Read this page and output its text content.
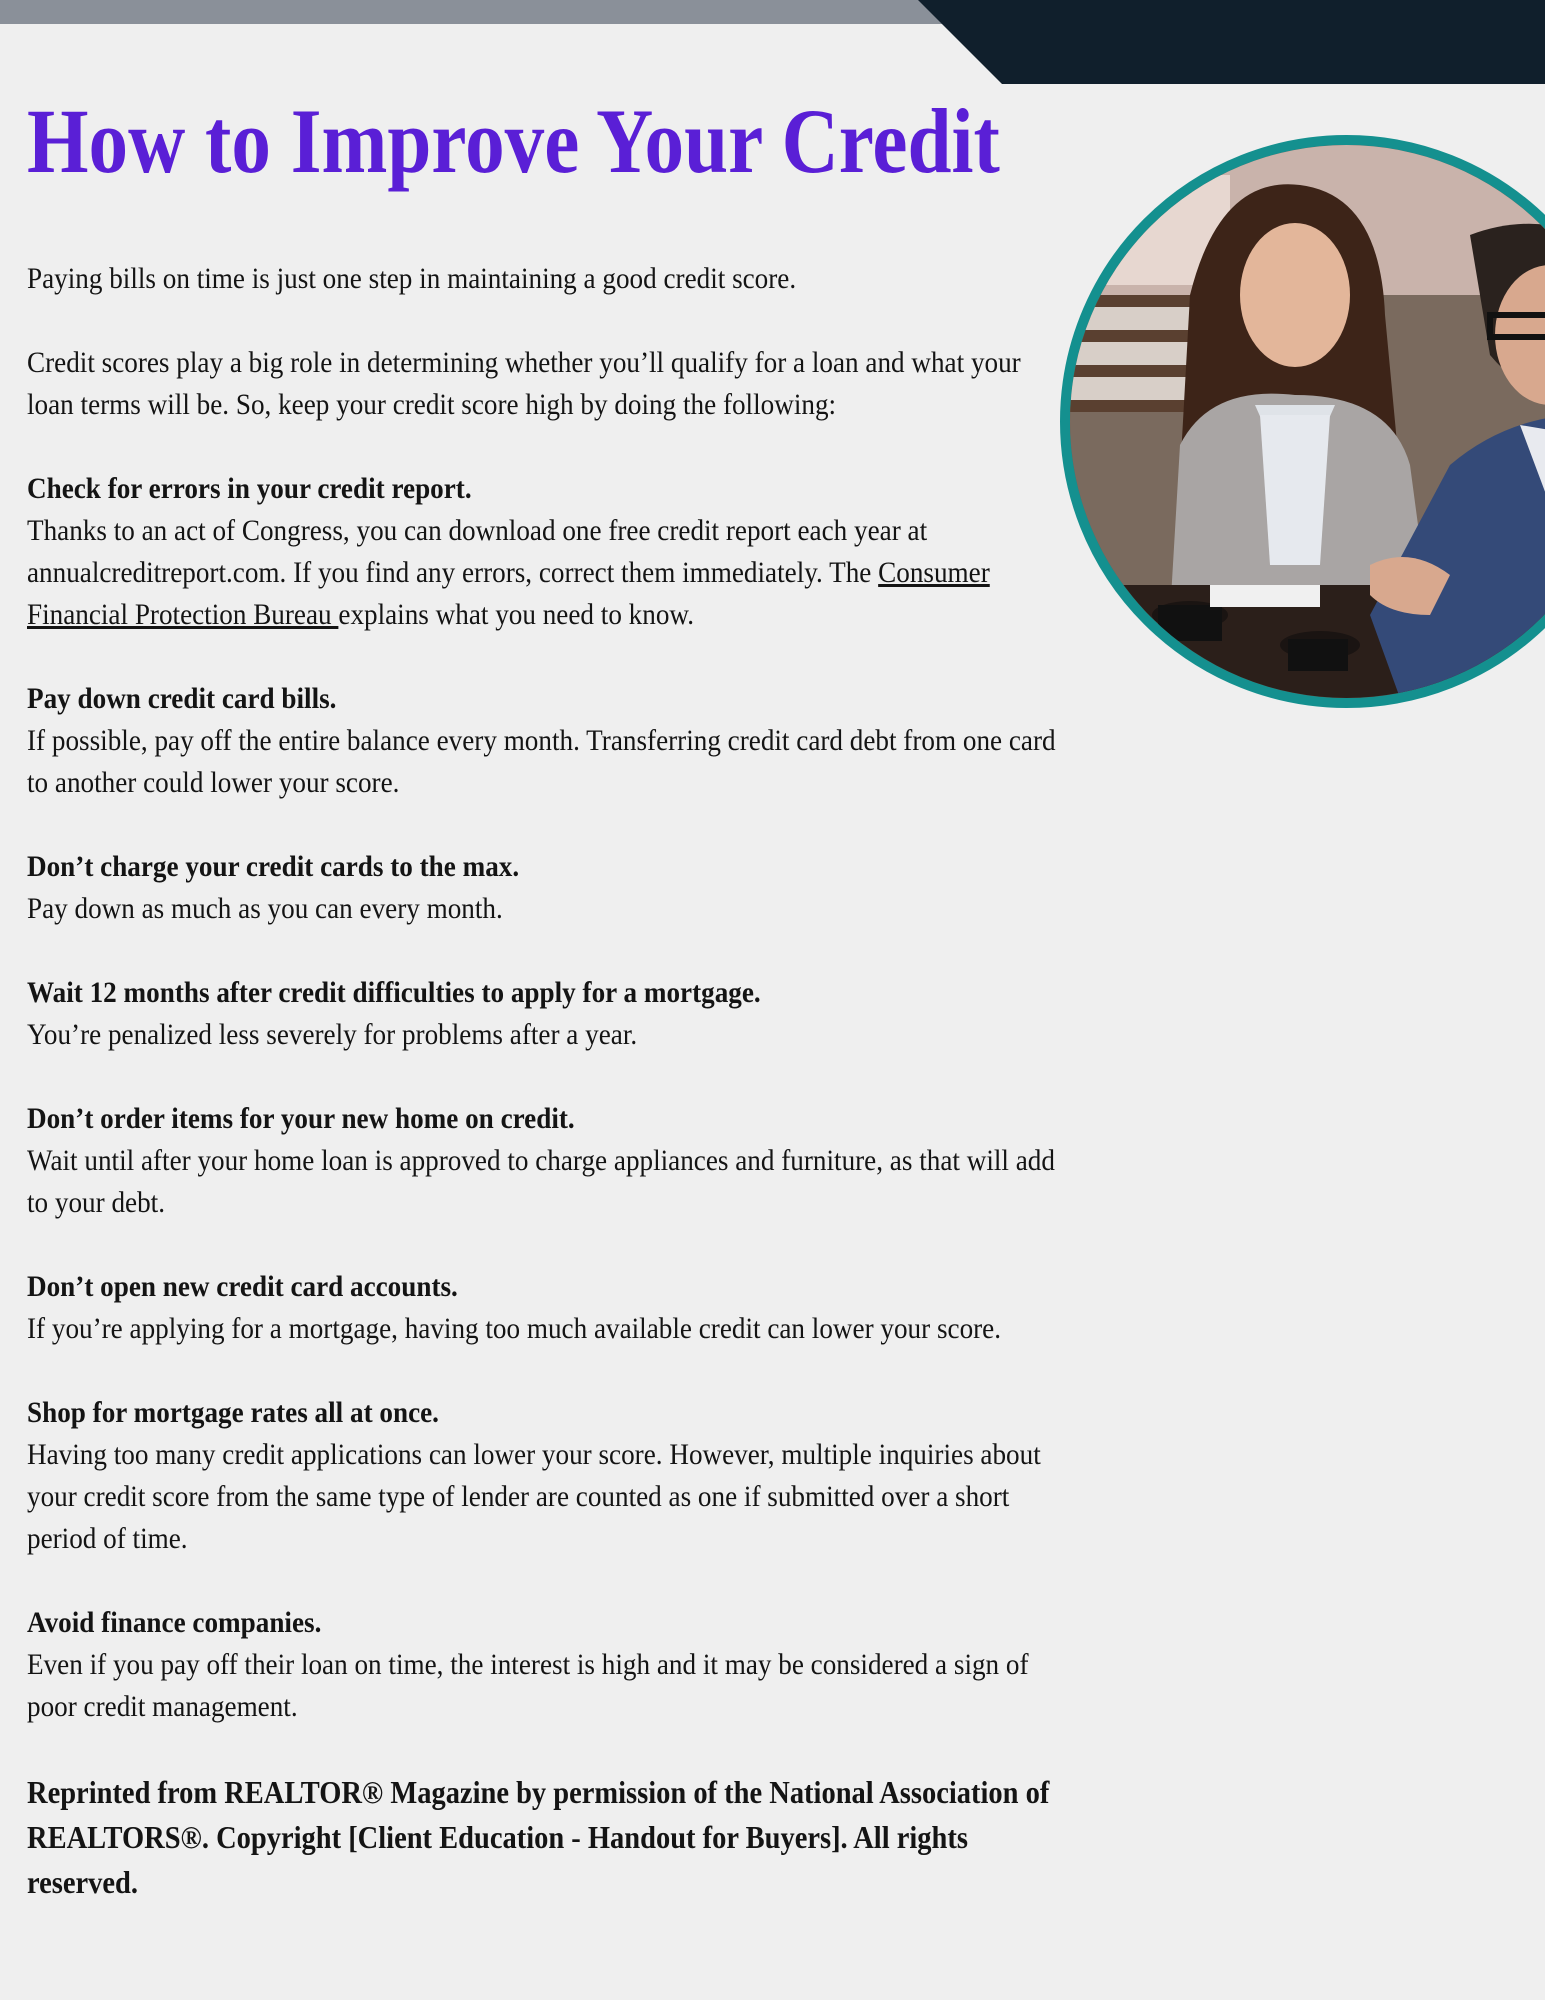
How to Improve Your Credit

Paying bills on time is just one step in maintaining a good credit score.

Credit scores play a big role in determining whether you’ll qualify for a loan and what your loan terms will be. So, keep your credit score high by doing the following:

Check for errors in your credit report.
Thanks to an act of Congress, you can download one free credit report each year at annualcreditreport.com. If you find any errors, correct them immediately. The Consumer Financial Protection Bureau explains what you need to know.

Pay down credit card bills.
If possible, pay off the entire balance every month. Transferring credit card debt from one card to another could lower your score.

Don’t charge your credit cards to the max.
Pay down as much as you can every month.

Wait 12 months after credit difficulties to apply for a mortgage.
You’re penalized less severely for problems after a year.

Don’t order items for your new home on credit.
Wait until after your home loan is approved to charge appliances and furniture, as that will add to your debt.

Don’t open new credit card accounts.
If you’re applying for a mortgage, having too much available credit can lower your score.

Shop for mortgage rates all at once.
Having too many credit applications can lower your score. However, multiple inquiries about your credit score from the same type of lender are counted as one if submitted over a short period of time.

Avoid finance companies.
Even if you pay off their loan on time, the interest is high and it may be considered a sign of poor credit management.

Reprinted from REALTOR® Magazine by permission of the National Association of REALTORS®. Copyright [Client Education - Handout for Buyers]. All rights reserved.
